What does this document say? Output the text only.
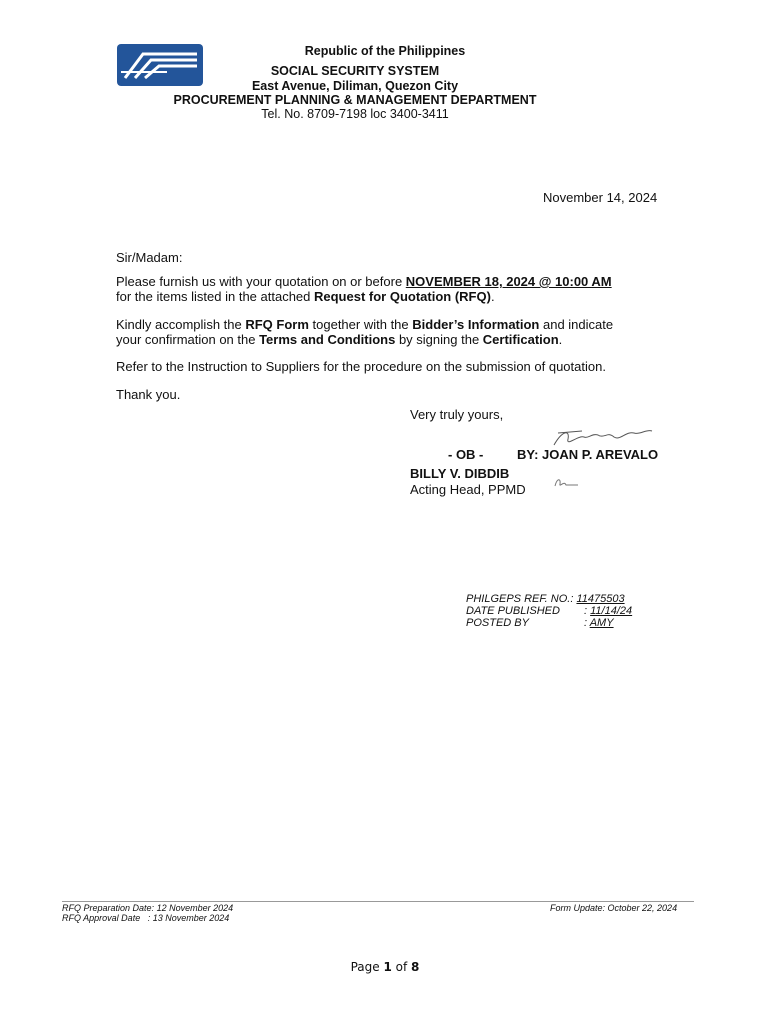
Republic of the Philippines
SOCIAL SECURITY SYSTEM
East Avenue, Diliman, Quezon City
PROCUREMENT PLANNING & MANAGEMENT DEPARTMENT
Tel. No. 8709-7198 loc 3400-3411
November 14, 2024
Sir/Madam:
Please furnish us with your quotation on or before NOVEMBER 18, 2024 @ 10:00 AM
for the items listed in the attached Request for Quotation (RFQ).
Kindly accomplish the RFQ Form together with the Bidder’s Information and indicate
your confirmation on the Terms and Conditions by signing the Certification.
Refer to the Instruction to Suppliers for the procedure on the submission of quotation.
Thank you.
Very truly yours,
- OB -	BY: JOAN P. AREVALO
BILLY V. DIBDIB
Acting Head, PPMD
PHILGEPS REF. NO.: 11475503
DATE PUBLISHED : 11/14/24
POSTED BY	: AMY
RFQ Preparation Date: 12 November 2024
RFQ Approval Date   : 13 November 2024
Form Update: October 22, 2024
Page 1 of 8
